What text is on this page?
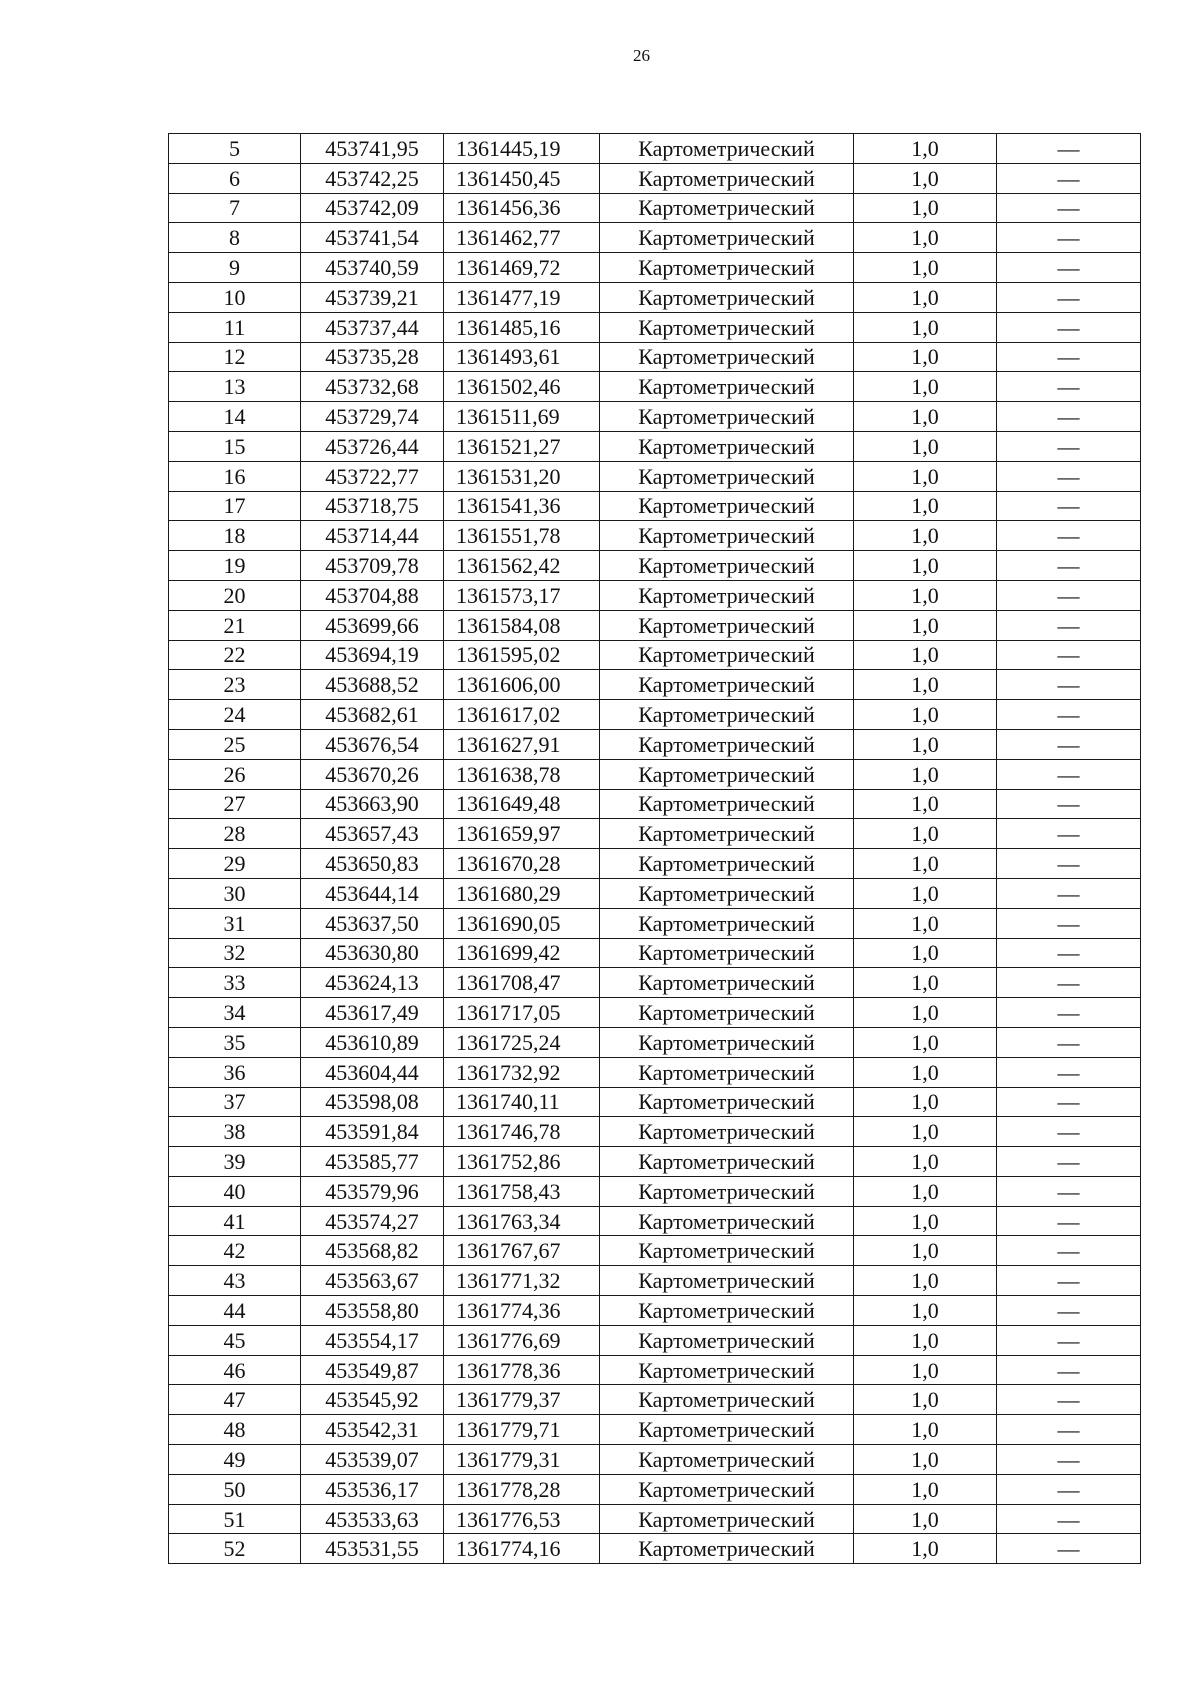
26
5	453741,95	1361445,19	Картометрический	1,0	—
6	453742,25	1361450,45	Картометрический	1,0	—
7	453742,09	1361456,36	Картометрический	1,0	—
8	453741,54	1361462,77	Картометрический	1,0	—
9	453740,59	1361469,72	Картометрический	1,0	—
10	453739,21	1361477,19	Картометрический	1,0	—
11	453737,44	1361485,16	Картометрический	1,0	—
12	453735,28	1361493,61	Картометрический	1,0	—
13	453732,68	1361502,46	Картометрический	1,0	—
14	453729,74	1361511,69	Картометрический	1,0	—
15	453726,44	1361521,27	Картометрический	1,0	—
16	453722,77	1361531,20	Картометрический	1,0	—
17	453718,75	1361541,36	Картометрический	1,0	—
18	453714,44	1361551,78	Картометрический	1,0	—
19	453709,78	1361562,42	Картометрический	1,0	—
20	453704,88	1361573,17	Картометрический	1,0	—
21	453699,66	1361584,08	Картометрический	1,0	—
22	453694,19	1361595,02	Картометрический	1,0	—
23	453688,52	1361606,00	Картометрический	1,0	—
24	453682,61	1361617,02	Картометрический	1,0	—
25	453676,54	1361627,91	Картометрический	1,0	—
26	453670,26	1361638,78	Картометрический	1,0	—
27	453663,90	1361649,48	Картометрический	1,0	—
28	453657,43	1361659,97	Картометрический	1,0	—
29	453650,83	1361670,28	Картометрический	1,0	—
30	453644,14	1361680,29	Картометрический	1,0	—
31	453637,50	1361690,05	Картометрический	1,0	—
32	453630,80	1361699,42	Картометрический	1,0	—
33	453624,13	1361708,47	Картометрический	1,0	—
34	453617,49	1361717,05	Картометрический	1,0	—
35	453610,89	1361725,24	Картометрический	1,0	—
36	453604,44	1361732,92	Картометрический	1,0	—
37	453598,08	1361740,11	Картометрический	1,0	—
38	453591,84	1361746,78	Картометрический	1,0	—
39	453585,77	1361752,86	Картометрический	1,0	—
40	453579,96	1361758,43	Картометрический	1,0	—
41	453574,27	1361763,34	Картометрический	1,0	—
42	453568,82	1361767,67	Картометрический	1,0	—
43	453563,67	1361771,32	Картометрический	1,0	—
44	453558,80	1361774,36	Картометрический	1,0	—
45	453554,17	1361776,69	Картометрический	1,0	—
46	453549,87	1361778,36	Картометрический	1,0	—
47	453545,92	1361779,37	Картометрический	1,0	—
48	453542,31	1361779,71	Картометрический	1,0	—
49	453539,07	1361779,31	Картометрический	1,0	—
50	453536,17	1361778,28	Картометрический	1,0	—
51	453533,63	1361776,53	Картометрический	1,0	—
52	453531,55	1361774,16	Картометрический	1,0	—
